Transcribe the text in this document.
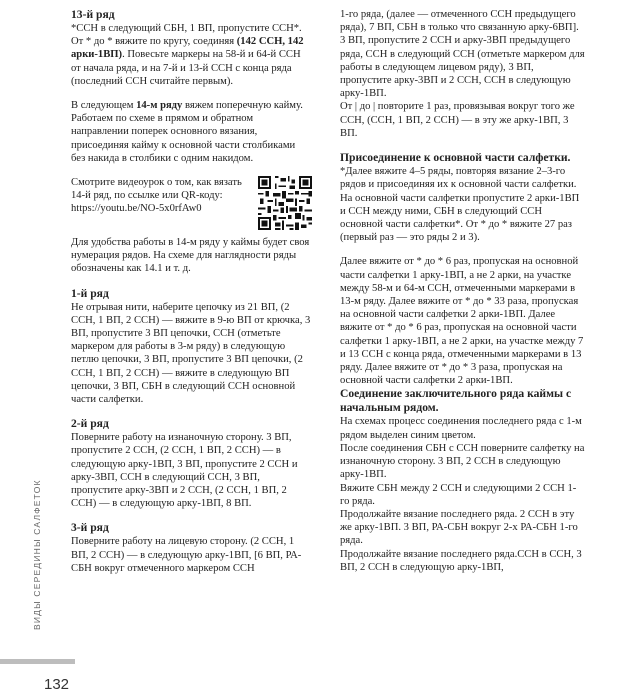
13-й ряд

*ССН в следующий СБН, 1 ВП, пропустите ССН*. От * до * вяжите по кругу, соединяя (142 ССН, 142 арки-1ВП). Повесьте маркеры на 58-й и 64-й ССН от начала ряда, и на 7-й и 13-й ССН с конца ряда (последний ССН считайте первым).

В следующем 14-м ряду вяжем поперечную кайму. Работаем по схеме в прямом и обратном направлении поперек основного вязания, присоединяя кайму к основной части столбиками без накида в столбики с одним накидом.

Смотрите видеоурок о том, как вязать 14-й ряд, по ссылке или QR-коду: https://youtu.be/NO-5x0rfAw0

Для удобства работы в 14-м ряду у каймы будет своя нумерация рядов. На схеме для наглядности ряды обозначены как 14.1 и т. д.

1-й ряд

Не отрывая нити, наберите цепочку из 21 ВП, (2 ССН, 1 ВП, 2 ССН) — вяжите в 9-ю ВП от крючка, 3 ВП, пропустите 3 ВП цепочки, ССН (отметьте маркером для работы в 3-м ряду) в следующую петлю цепочки, 3 ВП, пропустите 3 ВП цепочки, (2 ССН, 1 ВП, 2 ССН) — вяжите в следующую ВП цепочки, 3 ВП, СБН в следующий ССН основной части салфетки.

2-й ряд

Поверните работу на изнаночную сторону. 3 ВП, пропустите 2 ССН, (2 ССН, 1 ВП, 2 ССН) — в следующую арку-1ВП, 3 ВП, пропустите 2 ССН и арку-3ВП, ССН в следующий ССН, 3 ВП, пропустите арку-3ВП и 2 ССН, (2 ССН, 1 ВП, 2 ССН) — в следующую арку-1ВП, 8 ВП.

3-й ряд

Поверните работу на лицевую сторону. (2 ССН, 1 ВП, 2 ССН) — в следующую арку-1ВП, [6 ВП, РА-СБН вокруг отмеченного маркером ССН

1-го ряда, (далее — отмеченного ССН предыдущего ряда), 7 ВП, СБН в только что связанную арку-6ВП].

3 ВП, пропустите 2 ССН и арку-3ВП предыдущего ряда, ССН в следующий ССН (отметьте маркером для работы в следующем лицевом ряду), 3 ВП, пропустите арку-3ВП и 2 ССН, ССН в следующую арку-1ВП.

От | до | повторите 1 раз, провязывая вокруг того же ССН, (ССН, 1 ВП, 2 ССН) — в эту же арку-1ВП, 3 ВП.

Присоединение к основной части салфетки. *Далее вяжите 4–5 ряды, повторяя вязание 2–3-го рядов и присоединяя их к основной части салфетки. На основной части салфетки пропустите 2 арки-1ВП и ССН между ними, СБН в следующий ССН основной части салфетки*. От * до * вяжите 27 раз (первый раз — это ряды 2 и 3).

Далее вяжите от * до * 6 раз, пропуская на основной части салфетки 1 арку-1ВП, а не 2 арки, на участке между 58-м и 64-м ССН, отмеченными маркерами в 13-м ряду. Далее вяжите от * до * 33 раза, пропуская на основной части салфетки 2 арки-1ВП. Далее вяжите от * до * 6 раз, пропуская на основной части салфетки 1 арку-1ВП, а не 2 арки, на участке между 7 и 13 ССН с конца ряда, отмеченными маркерами в 13 ряду. Далее вяжите от * до * 3 раза, пропуская на основной части салфетки 2 арки-1ВП.

Соединение заключительного ряда каймы с начальным рядом.

На схемах процесс соединения последнего ряда с 1-м рядом выделен синим цветом.

После соединения СБН с ССН поверните салфетку на изнаночную сторону. 3 ВП, 2 ССН в следующую арку-1ВП.

Вяжите СБН между 2 ССН и следующими 2 ССН 1-го ряда.

Продолжайте вязание последнего ряда. 2 ССН в эту же арку-1ВП. 3 ВП, РА-СБН вокруг 2-х РА-СБН 1-го ряда.

Продолжайте вязание последнего ряда.ССН в ССН, 3 ВП, 2 ССН в следующую арку-1ВП,

ВИДЫ СЕРЕДИНЫ САЛФЕТОК
132
